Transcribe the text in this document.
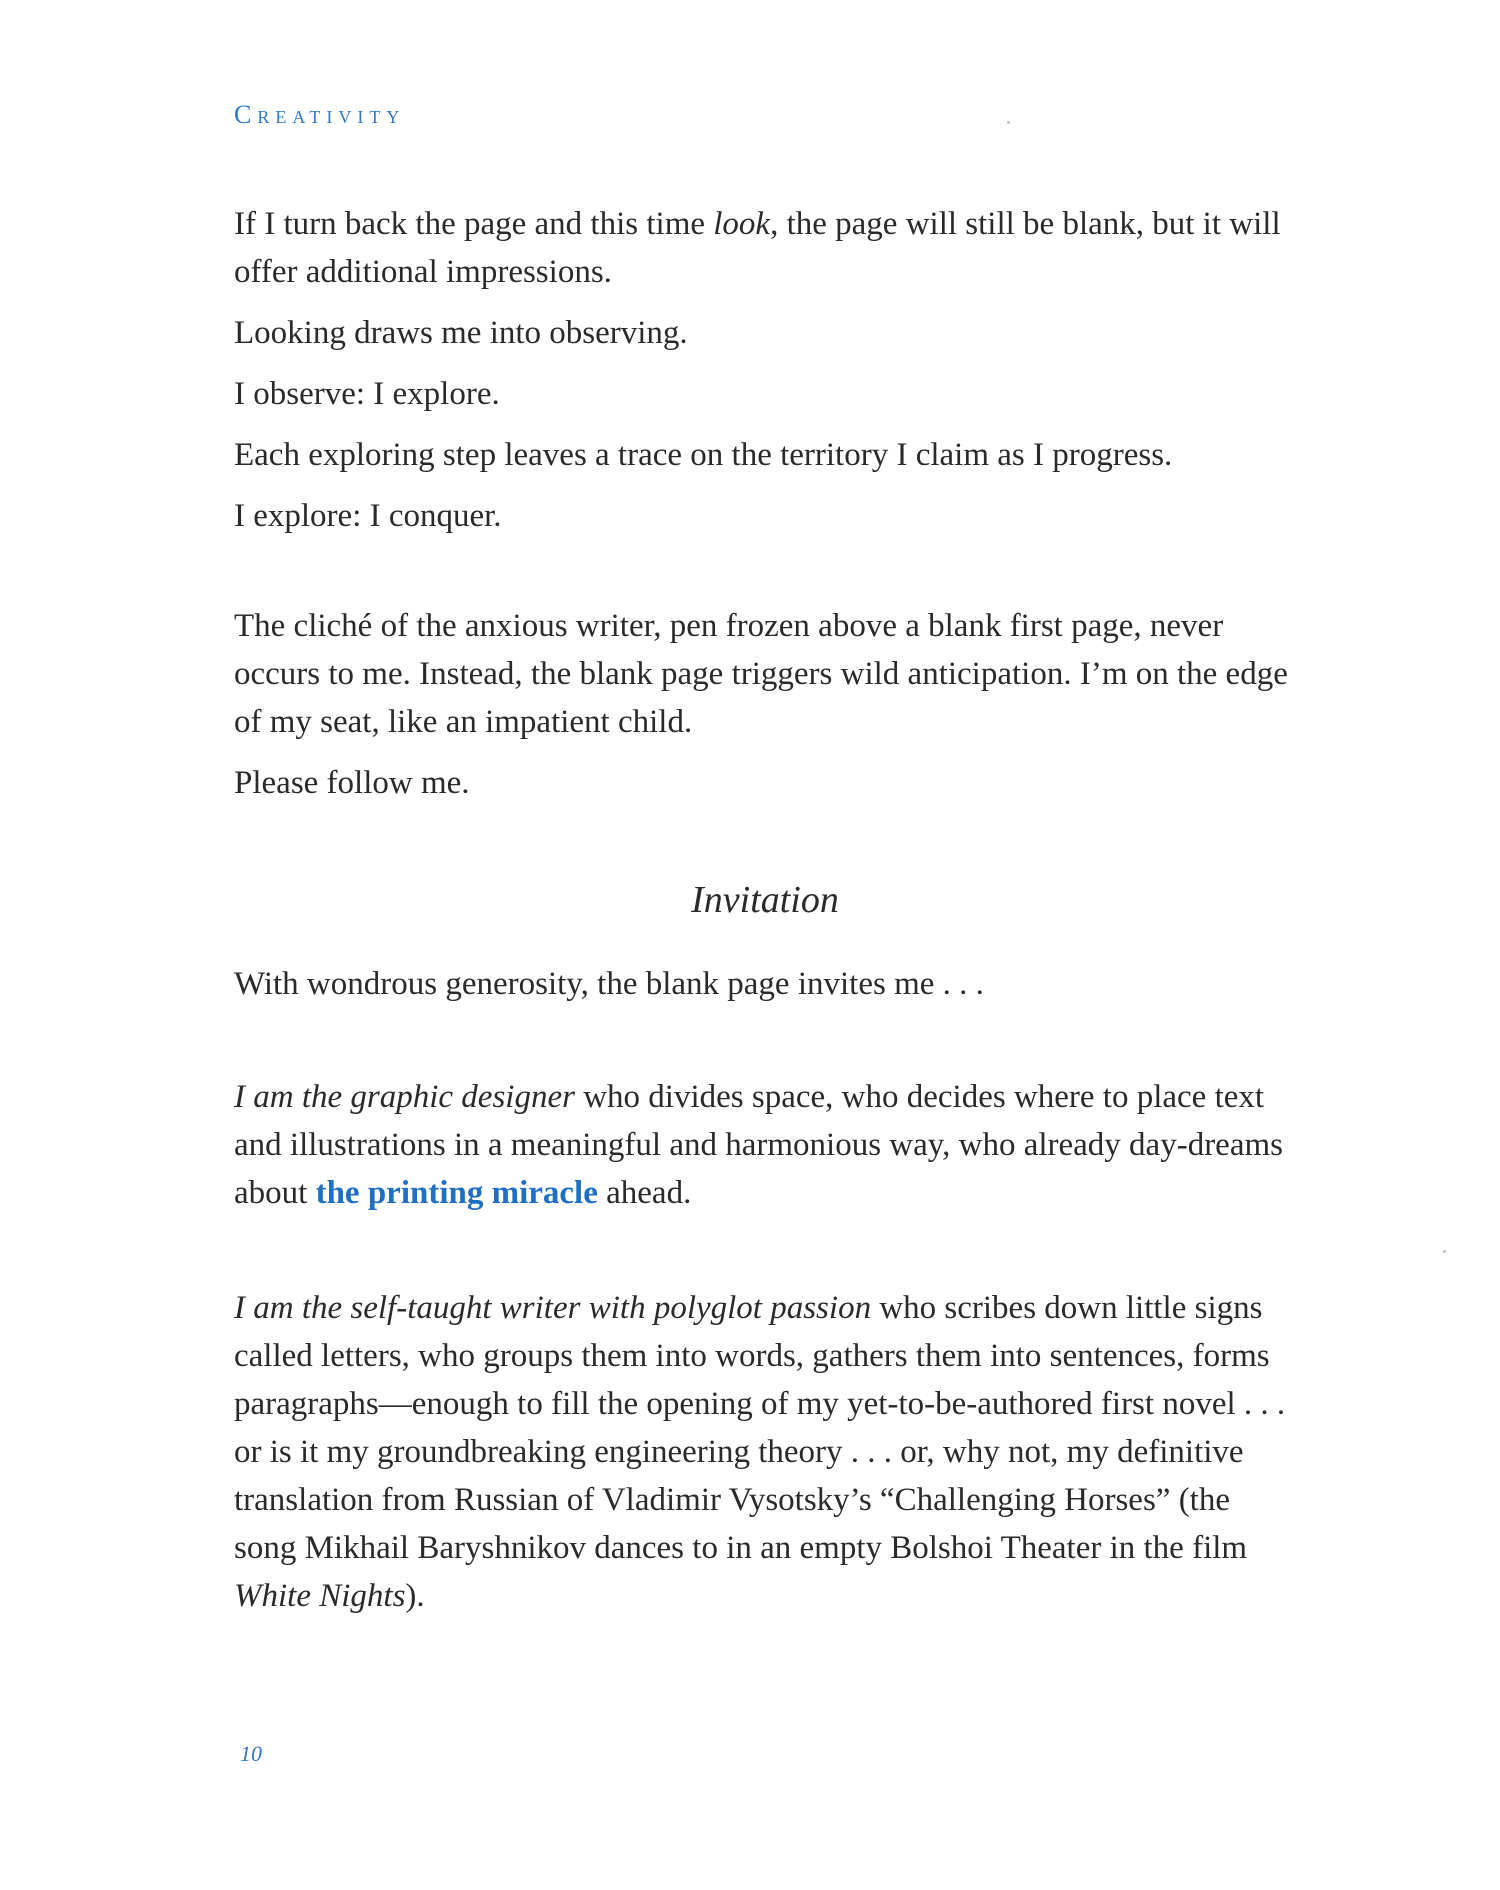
Creativity

If I turn back the page and this time look, the page will still be blank, but it will offer additional impressions.

Looking draws me into observing.

I observe: I explore.

Each exploring step leaves a trace on the territory I claim as I progress.

I explore: I conquer.

The cliché of the anxious writer, pen frozen above a blank first page, never occurs to me. Instead, the blank page triggers wild anticipation. I’m on the edge of my seat, like an impatient child.

Please follow me.

Invitation

With wondrous generosity, the blank page invites me . . .

I am the graphic designer who divides space, who decides where to place text and illustrations in a meaningful and harmonious way, who already day-dreams about the printing miracle ahead.

I am the self-taught writer with polyglot passion who scribes down little signs called letters, who groups them into words, gathers them into sentences, forms paragraphs—enough to fill the opening of my yet-to-be-authored first novel . . . or is it my groundbreaking engineering theory . . . or, why not, my definitive translation from Russian of Vladimir Vysotsky’s “Challenging Horses” (the song Mikhail Baryshnikov dances to in an empty Bolshoi Theater in the film White Nights).

10
